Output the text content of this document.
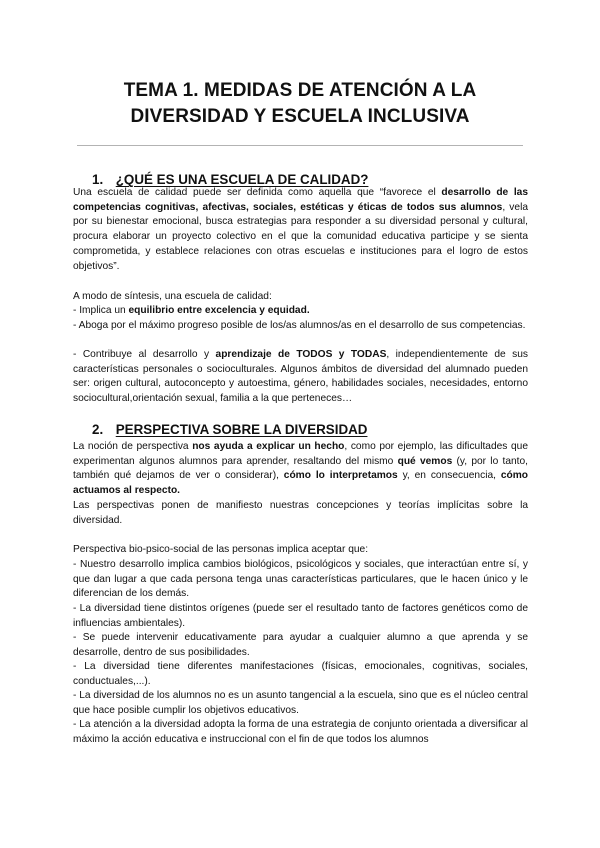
TEMA 1. MEDIDAS DE ATENCIÓN A LA
DIVERSIDAD Y ESCUELA INCLUSIVA
1. ¿QUÉ ES UNA ESCUELA DE CALIDAD?

Una escuela de calidad puede ser definida como aquella que “favorece el desarrollo de las competencias cognitivas, afectivas, sociales, estéticas y éticas de todos sus alumnos, vela por su bienestar emocional, busca estrategias para responder a su diversidad personal y cultural, procura elaborar un proyecto colectivo en el que la comunidad educativa participe y se sienta comprometida, y establece relaciones con otras escuelas e instituciones para el logro de estos objetivos”.

A modo de síntesis, una escuela de calidad:

- Implica un equilibrio entre excelencia y equidad.

- Aboga por el máximo progreso posible de los/as alumnos/as en el desarrollo de sus competencias.

- Contribuye al desarrollo y aprendizaje de TODOS y TODAS, independientemente de sus características personales o socioculturales. Algunos ámbitos de diversidad del alumnado pueden ser: origen cultural, autoconcepto y autoestima, género, habilidades sociales, necesidades, entorno sociocultural,orientación sexual, familia a la que perteneces…

2. PERSPECTIVA SOBRE LA DIVERSIDAD

La noción de perspectiva nos ayuda a explicar un hecho, como por ejemplo, las dificultades que experimentan algunos alumnos para aprender, resaltando del mismo qué vemos (y, por lo tanto, también qué dejamos de ver o considerar), cómo lo interpretamos y, en consecuencia, cómo actuamos al respecto.

Las perspectivas ponen de manifiesto nuestras concepciones y teorías implícitas sobre la diversidad.

Perspectiva bio-psico-social de las personas implica aceptar que:

- Nuestro desarrollo implica cambios biológicos, psicológicos y sociales, que interactúan entre sí, y que dan lugar a que cada persona tenga unas características particulares, que le hacen único y le diferencian de los demás.

- La diversidad tiene distintos orígenes (puede ser el resultado tanto de factores genéticos como de influencias ambientales).

- Se puede intervenir educativamente para ayudar a cualquier alumno a que aprenda y se desarrolle, dentro de sus posibilidades.

- La diversidad tiene diferentes manifestaciones (físicas, emocionales, cognitivas, sociales, conductuales,...).

- La diversidad de los alumnos no es un asunto tangencial a la escuela, sino que es el núcleo central que hace posible cumplir los objetivos educativos.

- La atención a la diversidad adopta la forma de una estrategia de conjunto orientada a diversificar al máximo la acción educativa e instruccional con el fin de que todos los alumnos
